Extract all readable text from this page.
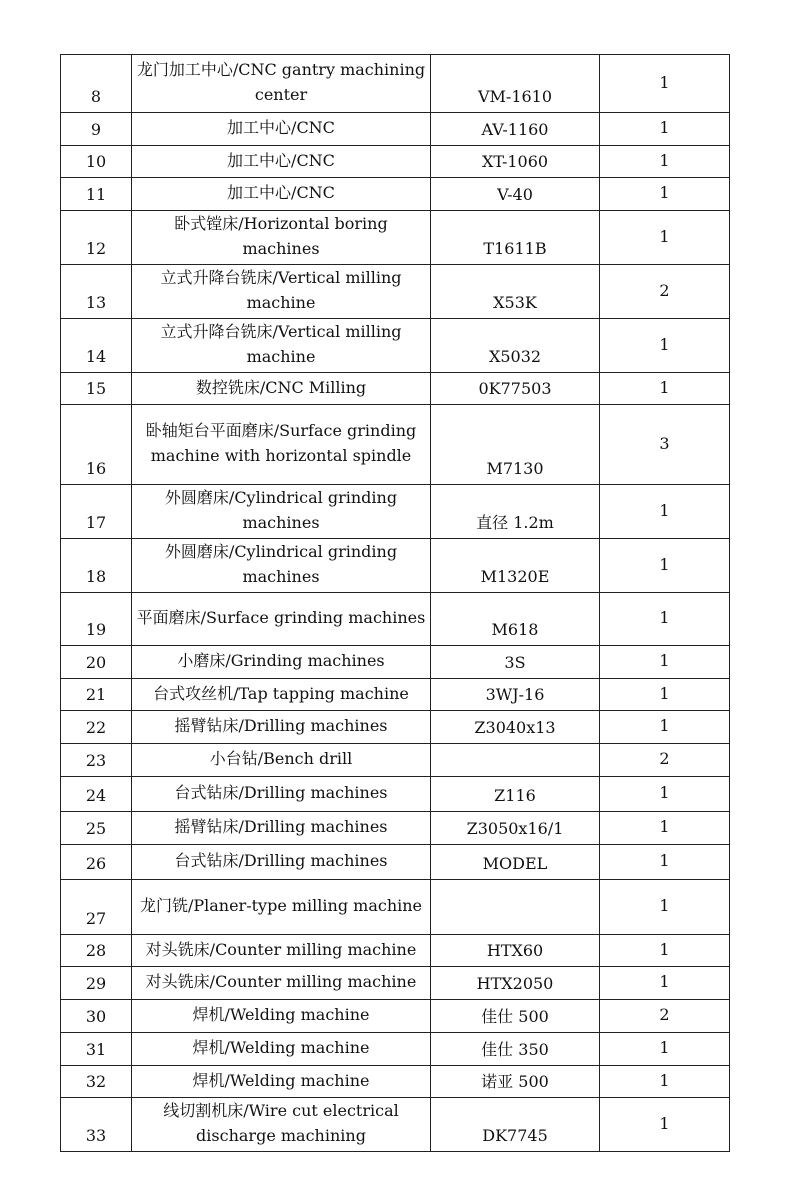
8	龙门加工中心/CNC gantry machining center	VM-1610	1
9	加工中心/CNC	AV-1160	1
10	加工中心/CNC	XT-1060	1
11	加工中心/CNC	V-40	1
12	卧式镗床/Horizontal boring machines	T1611B	1
13	立式升降台铣床/Vertical milling machine	X53K	2
14	立式升降台铣床/Vertical milling machine	X5032	1
15	数控铣床/CNC Milling	0K77503	1
16	卧轴矩台平面磨床/Surface grinding machine with horizontal spindle	M7130	3
17	外圆磨床/Cylindrical grinding machines	直径 1.2m	1
18	外圆磨床/Cylindrical grinding machines	M1320E	1
19	平面磨床/Surface grinding machines	M618	1
20	小磨床/Grinding machines	3S	1
21	台式攻丝机/Tap tapping machine	3WJ-16	1
22	摇臂钻床/Drilling machines	Z3040x13	1
23	小台钻/Bench drill		2
24	台式钻床/Drilling machines	Z116	1
25	摇臂钻床/Drilling machines	Z3050x16/1	1
26	台式钻床/Drilling machines	MODEL	1
27	龙门铣/Planer-type milling machine		1
28	对头铣床/Counter milling machine	HTX60	1
29	对头铣床/Counter milling machine	HTX2050	1
30	焊机/Welding machine	佳仕 500	2
31	焊机/Welding machine	佳仕 350	1
32	焊机/Welding machine	诺亚 500	1
33	线切割机床/Wire cut electrical discharge machining	DK7745	1
